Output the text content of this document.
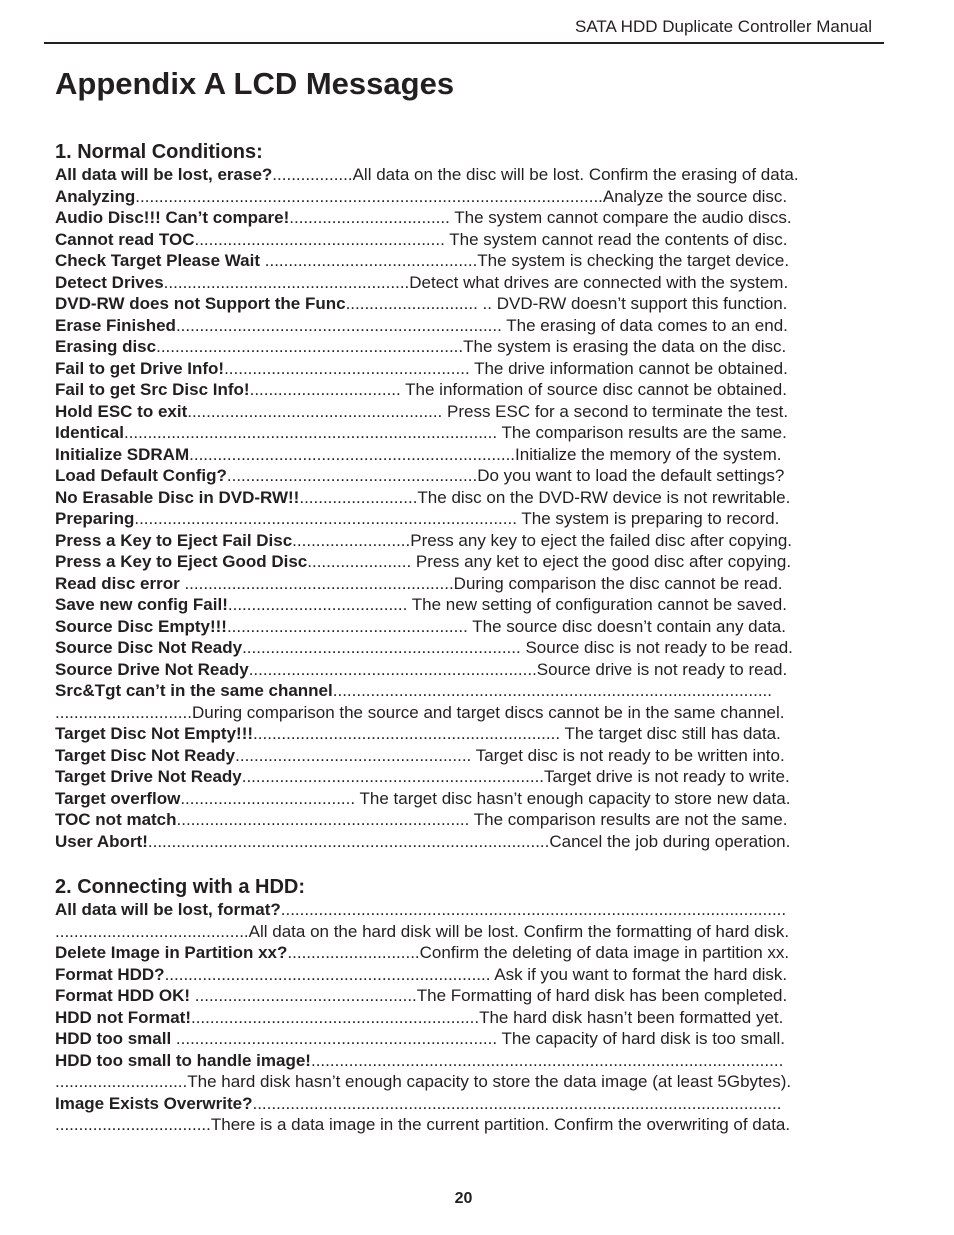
SATA HDD Duplicate Controller Manual
Appendix A LCD Messages
1. Normal Conditions:
All data will be lost, erase?.................All data on the disc will be lost. Confirm the erasing of data.
Analyzing...................................................................................................Analyze the source disc.
Audio Disc!!! Can’t compare!.................................. The system cannot compare the audio discs.
Cannot read TOC..................................................... The system cannot read the contents of disc.
Check Target Please Wait .............................................The system is checking the target device.
Detect Drives....................................................Detect what drives are connected with the system.
DVD-RW does not Support the Func............................ .. DVD-RW doesn’t support this function.
Erase Finished..................................................................... The erasing of data comes to an end.
Erasing disc.................................................................The system is erasing the data on the disc.
Fail to get Drive Info!.................................................... The drive information cannot be obtained.
Fail to get Src Disc Info!................................ The information of source disc cannot be obtained.
Hold ESC to exit...................................................... Press ESC for a second to terminate the test.
Identical............................................................................... The comparison results are the same.
Initialize SDRAM.....................................................................Initialize the memory of the system.
Load Default Config?.....................................................Do you want to load the default settings?
No Erasable Disc in DVD-RW!!.........................The disc on the DVD-RW device is not rewritable.
Preparing................................................................................. The system is preparing to record.
Press a Key to Eject Fail Disc.........................Press any key to eject the failed disc after copying.
Press a Key to Eject Good Disc...................... Press any ket to eject the good disc after copying.
Read disc error .........................................................During comparison the disc cannot be read.
Save new config Fail!...................................... The new setting of configuration cannot be saved.
Source Disc Empty!!!................................................... The source disc doesn’t contain any data.
Source Disc Not Ready........................................................... Source disc is not ready to be read.
Source Drive Not Ready.............................................................Source drive is not ready to read.
Src&Tgt can’t in the same channel.............................................................................................
.............................During comparison the source and target discs cannot be in the same channel.
Target Disc Not Empty!!!................................................................. The target disc still has data.
Target Disc Not Ready.................................................. Target disc is not ready to be written into.
Target Drive Not Ready................................................................Target drive is not ready to write.
Target overflow..................................... The target disc hasn’t enough capacity to store new data.
TOC not match.............................................................. The comparison results are not the same.
User Abort!.....................................................................................Cancel the job during operation.
2. Connecting with a HDD:
All data will be lost, format?...........................................................................................................
.........................................All data on the hard disk will be lost. Confirm the formatting of hard disk.
Delete Image in Partition xx?............................Confirm the deleting of data image in partition xx.
Format HDD?..................................................................... Ask if you want to format the hard disk.
Format HDD OK! ...............................................The Formatting of hard disk has been completed.
HDD not Format!.............................................................The hard disk hasn’t been formatted yet.
HDD too small .................................................................... The capacity of hard disk is too small.
HDD too small to handle image!....................................................................................................
............................The hard disk hasn’t enough capacity to store the data image (at least 5Gbytes).
Image Exists Overwrite?................................................................................................................
.................................There is a data image in the current partition. Confirm the overwriting of data.
20
